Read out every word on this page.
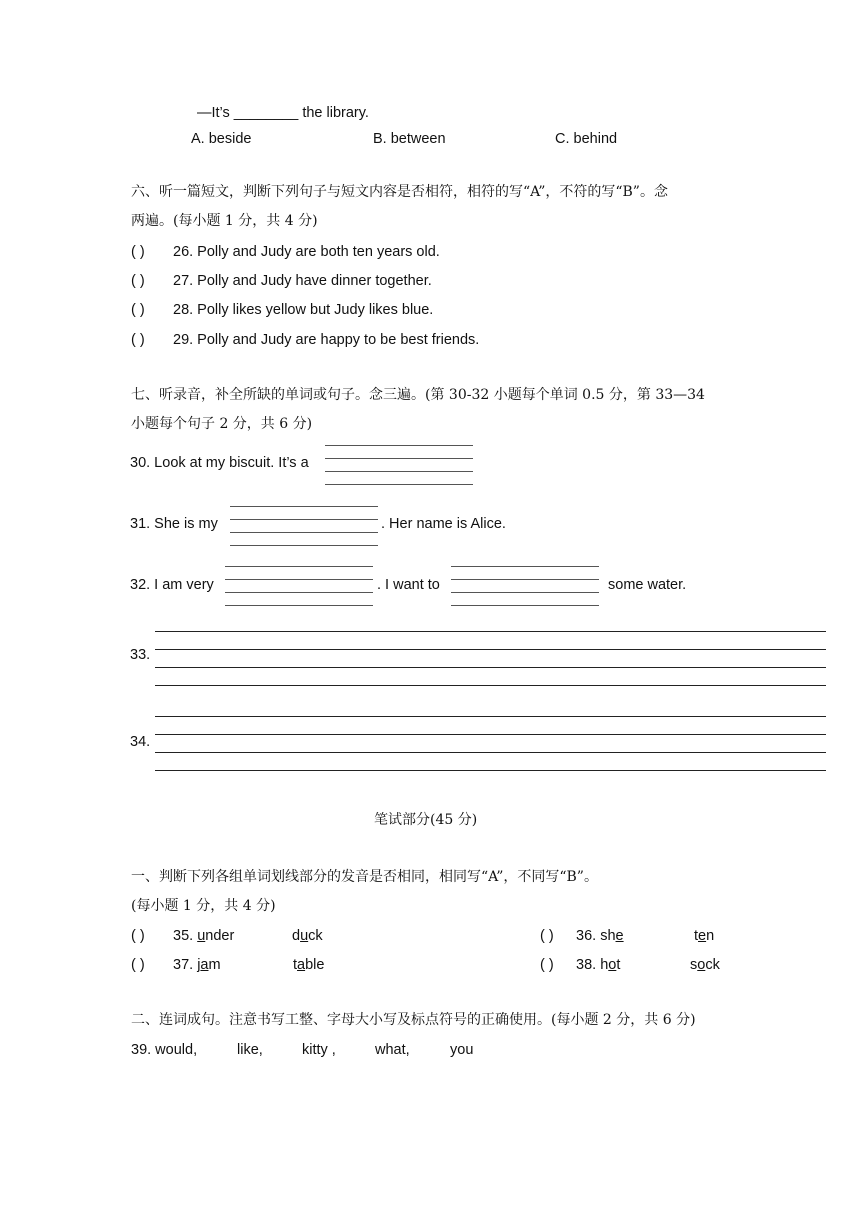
—It’s ________ the library.
A. beside	B. between	C. behind
六、听一篇短文，判断下列句子与短文内容是否相符，相符的写“A”，不符的写“B”。念
两遍。(每小题 1 分，共 4 分)
( ) 26. Polly and Judy are both ten years old.
( ) 27. Polly and Judy have dinner together.
( ) 28. Polly likes yellow but Judy likes blue.
( ) 29. Polly and Judy are happy to be best friends.
七、听录音，补全所缺的单词或句子。念三遍。(第 30-32 小题每个单词 0.5 分，第 33—34
小题每个句子 2 分，共 6 分)
30. Look at my biscuit. It’s a
31. She is my	. Her name is Alice.
32. I am very	. I want to	some water.
33.
34.
笔试部分(45 分)
一、判断下列各组单词划线部分的发音是否相同，相同写“A”，不同写“B”。
(每小题 1 分，共 4 分)
( ) 35. under	duck	( ) 36. she	ten
( ) 37. jam	table	( ) 38. hot	sock
二、连词成句。注意书写工整、字母大小写及标点符号的正确使用。(每小题 2 分，共 6 分)
39. would,	like,	kitty ,	what,	you
